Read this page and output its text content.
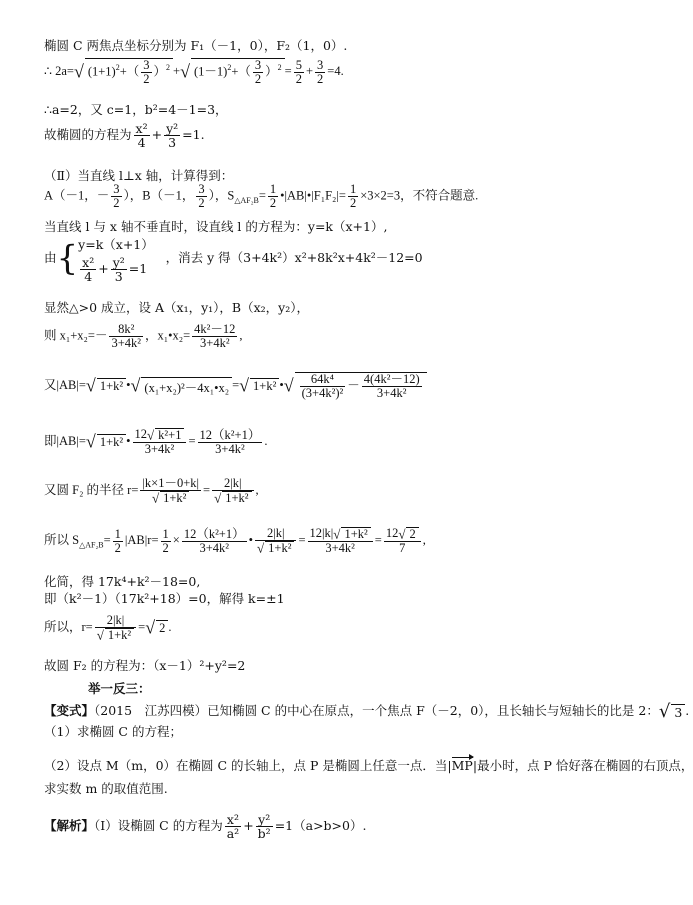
椭圆 C 两焦点坐标分别为 F₁（－1，0），F₂（1，0）.
∴ 2a=√ $(1+1)^2+( \frac{3}{2} )^2$ +√ $(1-1)^2+( \frac{3}{2} )^2 = \frac{5}{2} + \frac{3}{2} =4$.
∴a=2，又 c=1，b²=4－1=3，
故椭圆的方程为 $\frac{\text{x²}}{4} + \frac{\text{y²}}{3} =1$.
（Ⅱ）当直线 l⊥x 轴，计算得到：
A（－1，－ $\frac{3}{2}$ ），B（－1， $\frac{3}{2}$ ），$S_{\triangle AF_2B}= \frac{1}{2}$ •|AB|•|F₁F₂|= $\frac{1}{2} \times 3\times 2=3$，不符合题意.
当直线 l 与 x 轴不垂直时，设直线 l 的方程为：y=k（x+1）,
由{y=k（x+1）

$\frac{\text{x²}}{4} + \frac{\text{y²}}{3} =1$   ，消去 y 得（3+4k²）x²+8k²x+4k²－12=0
显然△>0 成立，设 A（x₁，y₁），B（x₂，y₂），
则 $x_1+x_2=- \frac{\text{8k²}}{\text{3+4k²}}$ ，x₁•x₂= $\frac{\text{4k²－12}}{\text{3+4k²}}$ ,
又|AB|=√ 1+k² •√ (x₁+x₂)²－4x₁•x₂ =√ 1+k² •√ $\frac{\text{64k⁴}}{\text{(3+4k²)²}} - \frac{\text{4(4k²－12)}}{\text{3+4k²}}$
即|AB|=√ 1+k² • $\frac{\text{12√ k²+1}}{\text{3+4k²}} = \frac{\text{12（k²+1）}}{\text{3+4k²}}$ .
又圆 F₂ 的半径 $r= \frac{|k\times 1-0+k|}{\text{√ 1+k²}} = \frac{2|k|}{\text{√ 1+k²}}$ ,
所以 $S_{\triangle AF_2B}= \frac{1}{2} |AB|r= \frac{1}{2} \times \frac{\text{12（k²+1）}}{\text{3+4k²}}$ • $\frac{2|k|}{\text{√ 1+k²}} = \frac{\text{12|k|√ 1+k²}}{\text{3+4k²}} = \frac{12√ 2}{7}$ ,
化简，得 17k⁴+k²－18=0,
即（k²－1）（17k²+18）=0，解得 k=±1
所以，$r= \frac{2|k|}{\text{√ 1+k²}}$ =√ 2 .
故圆 F₂ 的方程为：（x－1）²+y²=2
举一反三：
【变式】（2015　江苏四模）已知椭圆 C 的中心在原点，一个焦点 F（－2，0），且长轴长与短轴长的比是 2：√ 3 .
（1）求椭圆 C 的方程；
（2）设点 M（m，0）在椭圆 C 的长轴上，点 P 是椭圆上任意一点．当|MP|最小时，点 P 恰好落在椭圆的右顶点，
求实数 m 的取值范围.
【解析】（Ⅰ）设椭圆 C 的方程为 $\frac{\text{x²}}{\text{a²}} + \frac{\text{y²}}{\text{b²}} =1(a>b>0)$.
